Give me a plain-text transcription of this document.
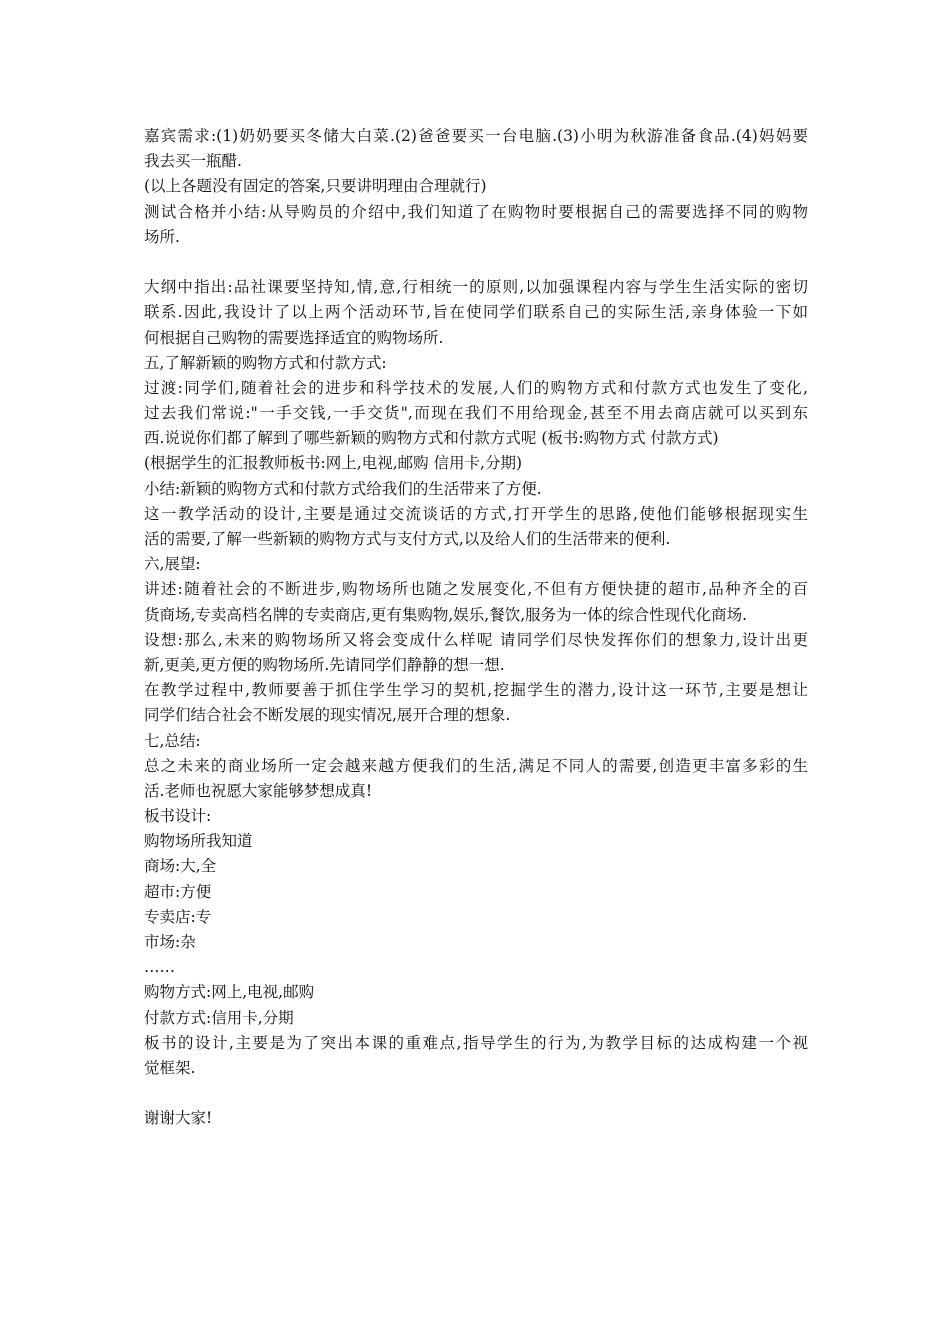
嘉宾需求:(1)奶奶要买冬储大白菜.(2)爸爸要买一台电脑.(3)小明为秋游准备食品.(4)妈妈要
我去买一瓶醋.
(以上各题没有固定的答案,只要讲明理由合理就行)
测试合格并小结:从导购员的介绍中,我们知道了在购物时要根据自己的需要选择不同的购物
场所.
大纲中指出:品社课要坚持知,情,意,行相统一的原则,以加强课程内容与学生生活实际的密切
联系.因此,我设计了以上两个活动环节,旨在使同学们联系自己的实际生活,亲身体验一下如
何根据自己购物的需要选择适宜的购物场所.
五,了解新颖的购物方式和付款方式:
过渡:同学们,随着社会的进步和科学技术的发展,人们的购物方式和付款方式也发生了变化,
过去我们常说:"一手交钱,一手交货",而现在我们不用给现金,甚至不用去商店就可以买到东
西.说说你们都了解到了哪些新颖的购物方式和付款方式呢 (板书:购物方式 付款方式)
(根据学生的汇报教师板书:网上,电视,邮购 信用卡,分期)
小结:新颖的购物方式和付款方式给我们的生活带来了方便.
这一教学活动的设计,主要是通过交流谈话的方式,打开学生的思路,使他们能够根据现实生
活的需要,了解一些新颖的购物方式与支付方式,以及给人们的生活带来的便利.
六,展望:
讲述:随着社会的不断进步,购物场所也随之发展变化,不但有方便快捷的超市,品种齐全的百
货商场,专卖高档名牌的专卖商店,更有集购物,娱乐,餐饮,服务为一体的综合性现代化商场.
设想:那么,未来的购物场所又将会变成什么样呢 请同学们尽快发挥你们的想象力,设计出更
新,更美,更方便的购物场所.先请同学们静静的想一想.
在教学过程中,教师要善于抓住学生学习的契机,挖掘学生的潜力,设计这一环节,主要是想让
同学们结合社会不断发展的现实情况,展开合理的想象.
七,总结:
总之未来的商业场所一定会越来越方便我们的生活,满足不同人的需要,创造更丰富多彩的生
活.老师也祝愿大家能够梦想成真!
板书设计:
购物场所我知道
商场:大,全
超市:方便
专卖店:专
市场:杂
……
购物方式:网上,电视,邮购
付款方式:信用卡,分期
板书的设计,主要是为了突出本课的重难点,指导学生的行为,为教学目标的达成构建一个视
觉框架.
谢谢大家!
